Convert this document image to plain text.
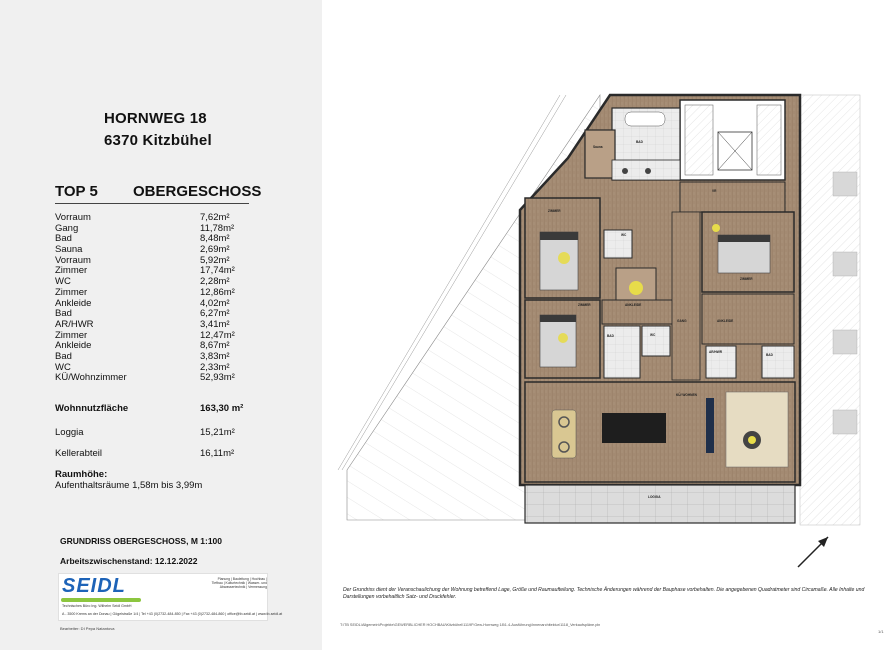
HORNWEG 18
6370 Kitzbühel
TOP 5 OBERGESCHOSS
Vorraum	7,62m²
Gang	11,78m²
Bad	8,48m²
Sauna	2,69m²
Vorraum	5,92m²
Zimmer	17,74m²
WC	2,28m²
Zimmer	12,86m²
Ankleide	4,02m²
Bad	6,27m²
AR/HWR	3,41m²
Zimmer	12,47m²
Ankleide	8,67m²
Bad	3,83m²
WC	2,33m²
KÜ/Wohnzimmer	52,93m²
Wohnnutzfläche	163,30 m²
Loggia	15,21m²
Kellerabteil	16,11m²
Raumhöhe:
Aufenthaltsräume 1,58m bis 3,99m
GRUNDRISS OBERGESCHOSS, M 1:100
Arbeitszwischenstand: 12.12.2022
SEIDL
Technisches Büro Ing. Wilhelm Seidl GmbH
Planung | Bauleitung | Hochbau | Tiefbau | Kulturtechnik | Wasser- und Abwassertechnik | Vermessung
A - 3500 Krems an der Donau | Gögelstraße 1/4 | Tel +43 (0)2732-484-850 | Fax +43 (0)2732-484-860 | office@tb-seidl.at | www.tb-seidl.at
Bearbeiter: DI Pepa Natantova
Sauna
BAD
VR
ZIMMER
WC
ZIMMER	ANKLEIDE
BAD	WC
GANG
ZIMMER
ANKLEIDE
AR/HWR
BAD
KÜ/ WOHNEN
LOGGIA
Der Grundriss dient der Veranschaulichung der Wohnung betreffend Lage, Größe und Raumaufteilung. Technische Änderungen während der Bauphase vorbehalten. Die angegebenen Quadratmeter sind Circamaße. Alle Inhalte und Darstellungen vorbehaltlich Satz- und Druckfehler.
T:\TB SEIDL\Allgemein\Projekte\GEWERBLICHER HOCHBAU\Kitzbühel\1119P.Gew-Hornweg 18\1.4-Ausführung\Innenarchitektur\1118_Verkaufspläne.pln
1/1
